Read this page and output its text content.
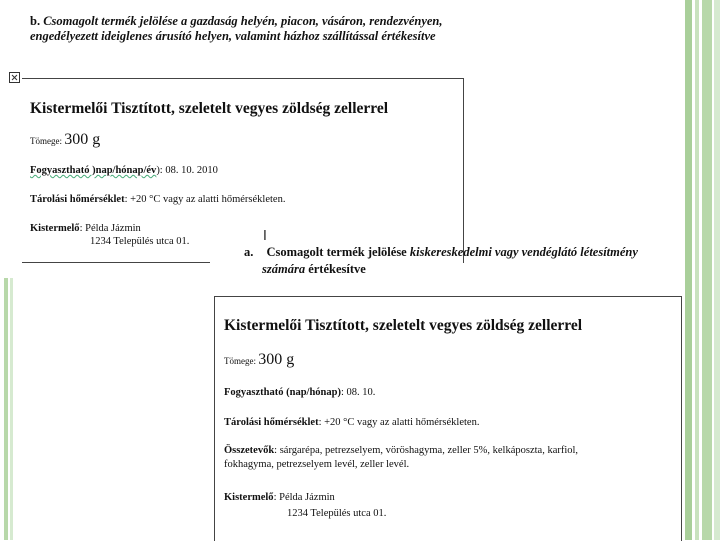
b. Csomagolt termék jelölése a gazdaság helyén, piacon, vásáron, rendezvényen, engedélyezett ideiglenes árusító helyen, valamint házhoz szállítással értékesítve
Kistermelői Tisztított, szeletelt vegyes zöldség zellerrel
Tömege: 300 g
Fogyasztható )nap/hónap/év): 08. 10. 2010
Tárolási hőmérséklet: +20 °C vagy az alatti hőmérsékleten.
Kistermelő: Példa Jázmin
1234 Település utca 01.	I
a. Csomagolt termék jelölése kiskereskedelmi vagy vendéglátó létesítmény
számára értékesítve
Kistermelői Tisztított, szeletelt vegyes zöldség zellerrel
Tömege: 300 g
Fogyasztható (nap/hónap): 08. 10.
Tárolási hőmérséklet: +20 °C vagy az alatti hőmérsékleten.
Összetevők: sárgarépa, petrezselyem, vöröshagyma, zeller 5%, kelkáposzta, karfiol,
fokhagyma, petrezselyem levél, zeller levél.
Kistermelő: Példa Jázmin
1234 Település utca 01.
